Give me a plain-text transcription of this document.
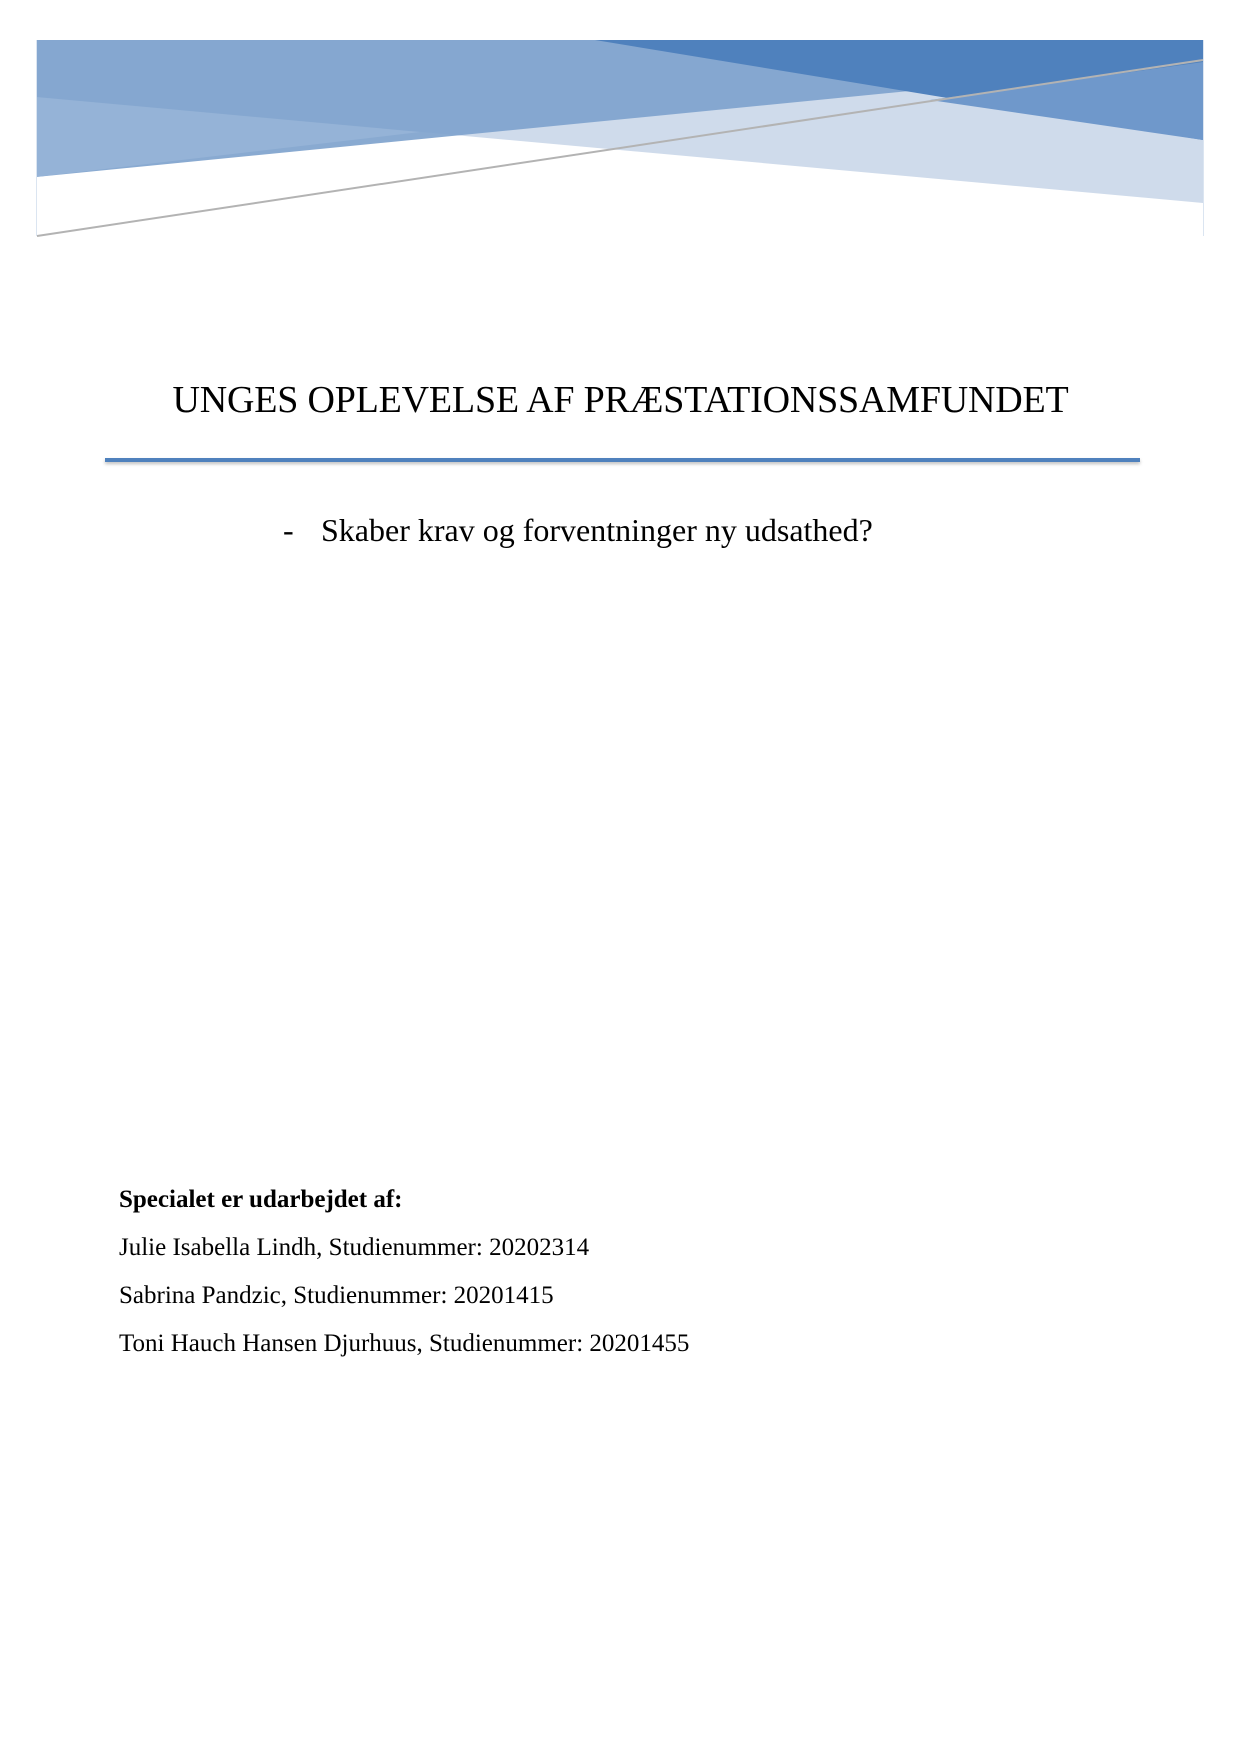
UNGES OPLEVELSE AF PRÆSTATIONSSAMFUNDET
- Skaber krav og forventninger ny udsathed?
Specialet er udarbejdet af:
Julie Isabella Lindh, Studienummer: 20202314
Sabrina Pandzic, Studienummer: 20201415
Toni Hauch Hansen Djurhuus, Studienummer: 20201455
